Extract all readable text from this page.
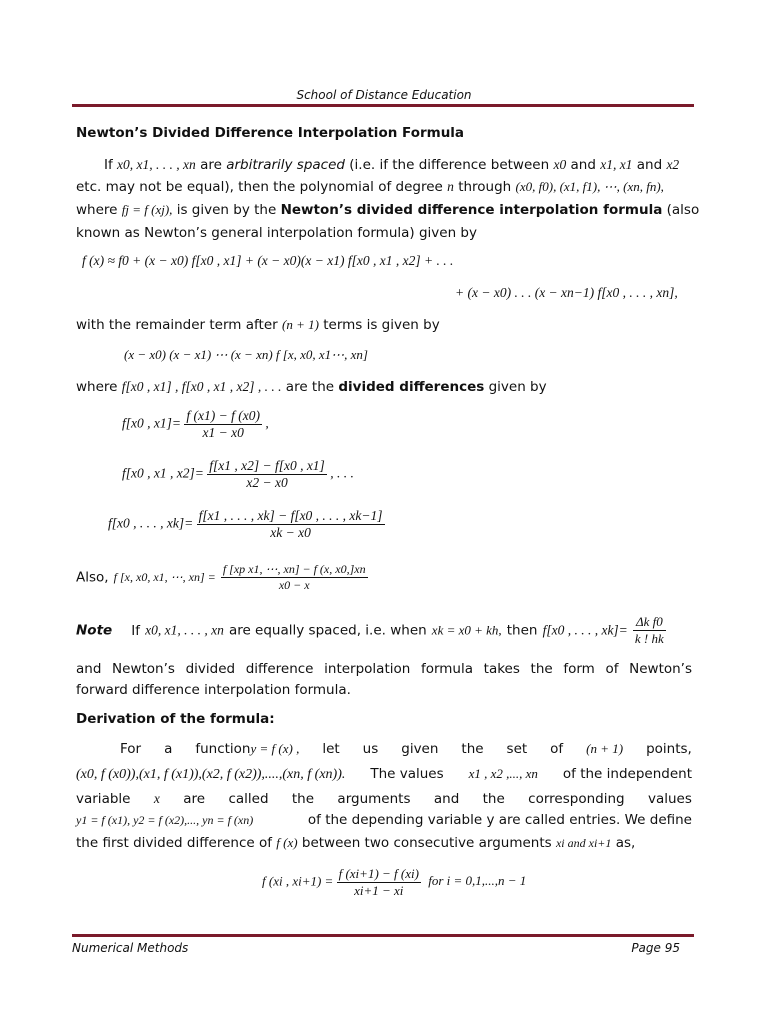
School of Distance Education
Newton’s Divided Difference Interpolation Formula
If x0, x1, . . . , xn are arbitrarily spaced (i.e. if the difference between x0 and x1, x1 and x2
etc. may not be equal), then the polynomial of degree n through (x0, f0), (x1, f1), ⋯, (xn, fn),
where fj = f (xj), is given by the Newton’s divided difference interpolation formula (also
known as Newton’s general interpolation formula) given by
f (x) ≈ f0 + (x − x0) f[x0 , x1] + (x − x0)(x − x1) f[x0 , x1 , x2] + . . .
+ (x − x0) . . . (x − xn−1) f[x0 , . . . , xn],
with the remainder term after (n + 1) terms is given by
(x − x0) (x − x1) ⋯ (x − xn) f [x, x0, x1⋯, xn]
where f[x0 , x1] , f[x0 , x1 , x2] , . . . are the divided differences given by
f[x0 , $x1]= \frac{f (x1) - f (x0)}{x1 - x0}$ ,
f[x0 , x1 , $x2]= \frac{f[x1 , x2] - f[x0 , x1]}{x2 - x0}$ , . . .
f[x0 , . . . , $xk]= \frac{f[x1 , . . . , xk] - f[x0 , . . . , xk-1]}{xk - x0}$
Also, f [x, x0, x1, ⋯, $xn] = \frac{\text{f [xp x1, ⋯, xn] − f (x, x0,]xn}}{x0 - x}$
Note If x0, x1, . . . , xn are equally spaced, i.e. when xk = x0 + kh, then f[x0 , . . . , $xk]= \frac{\text{Δk f0}}{k ! hk}$
and Newton’s divided difference interpolation formula takes the form of Newton’s
forward difference interpolation formula.
Derivation of the formula:
For a functiony = f (x) , let us given the set of (n + 1) points,
(x0, f (x0)),(x1, f (x1)),(x2, f (x2)),....,(xn, f (xn)). The values x1 , x2 ,..., xn of the independent
variable x are called the arguments and the corresponding values
y1 = f (x1), y2 = f (x2),..., yn = f (xn)	of the depending variable y are called entries. We define
the first divided difference of f (x) between two consecutive arguments xi and xi+1 as,
f (xi , $xi+1) = \frac{f (xi+1) - f (xi)}{xi+1 - xi}$ for i = 0,1,...,n − 1
Numerical Methods	Page 95
